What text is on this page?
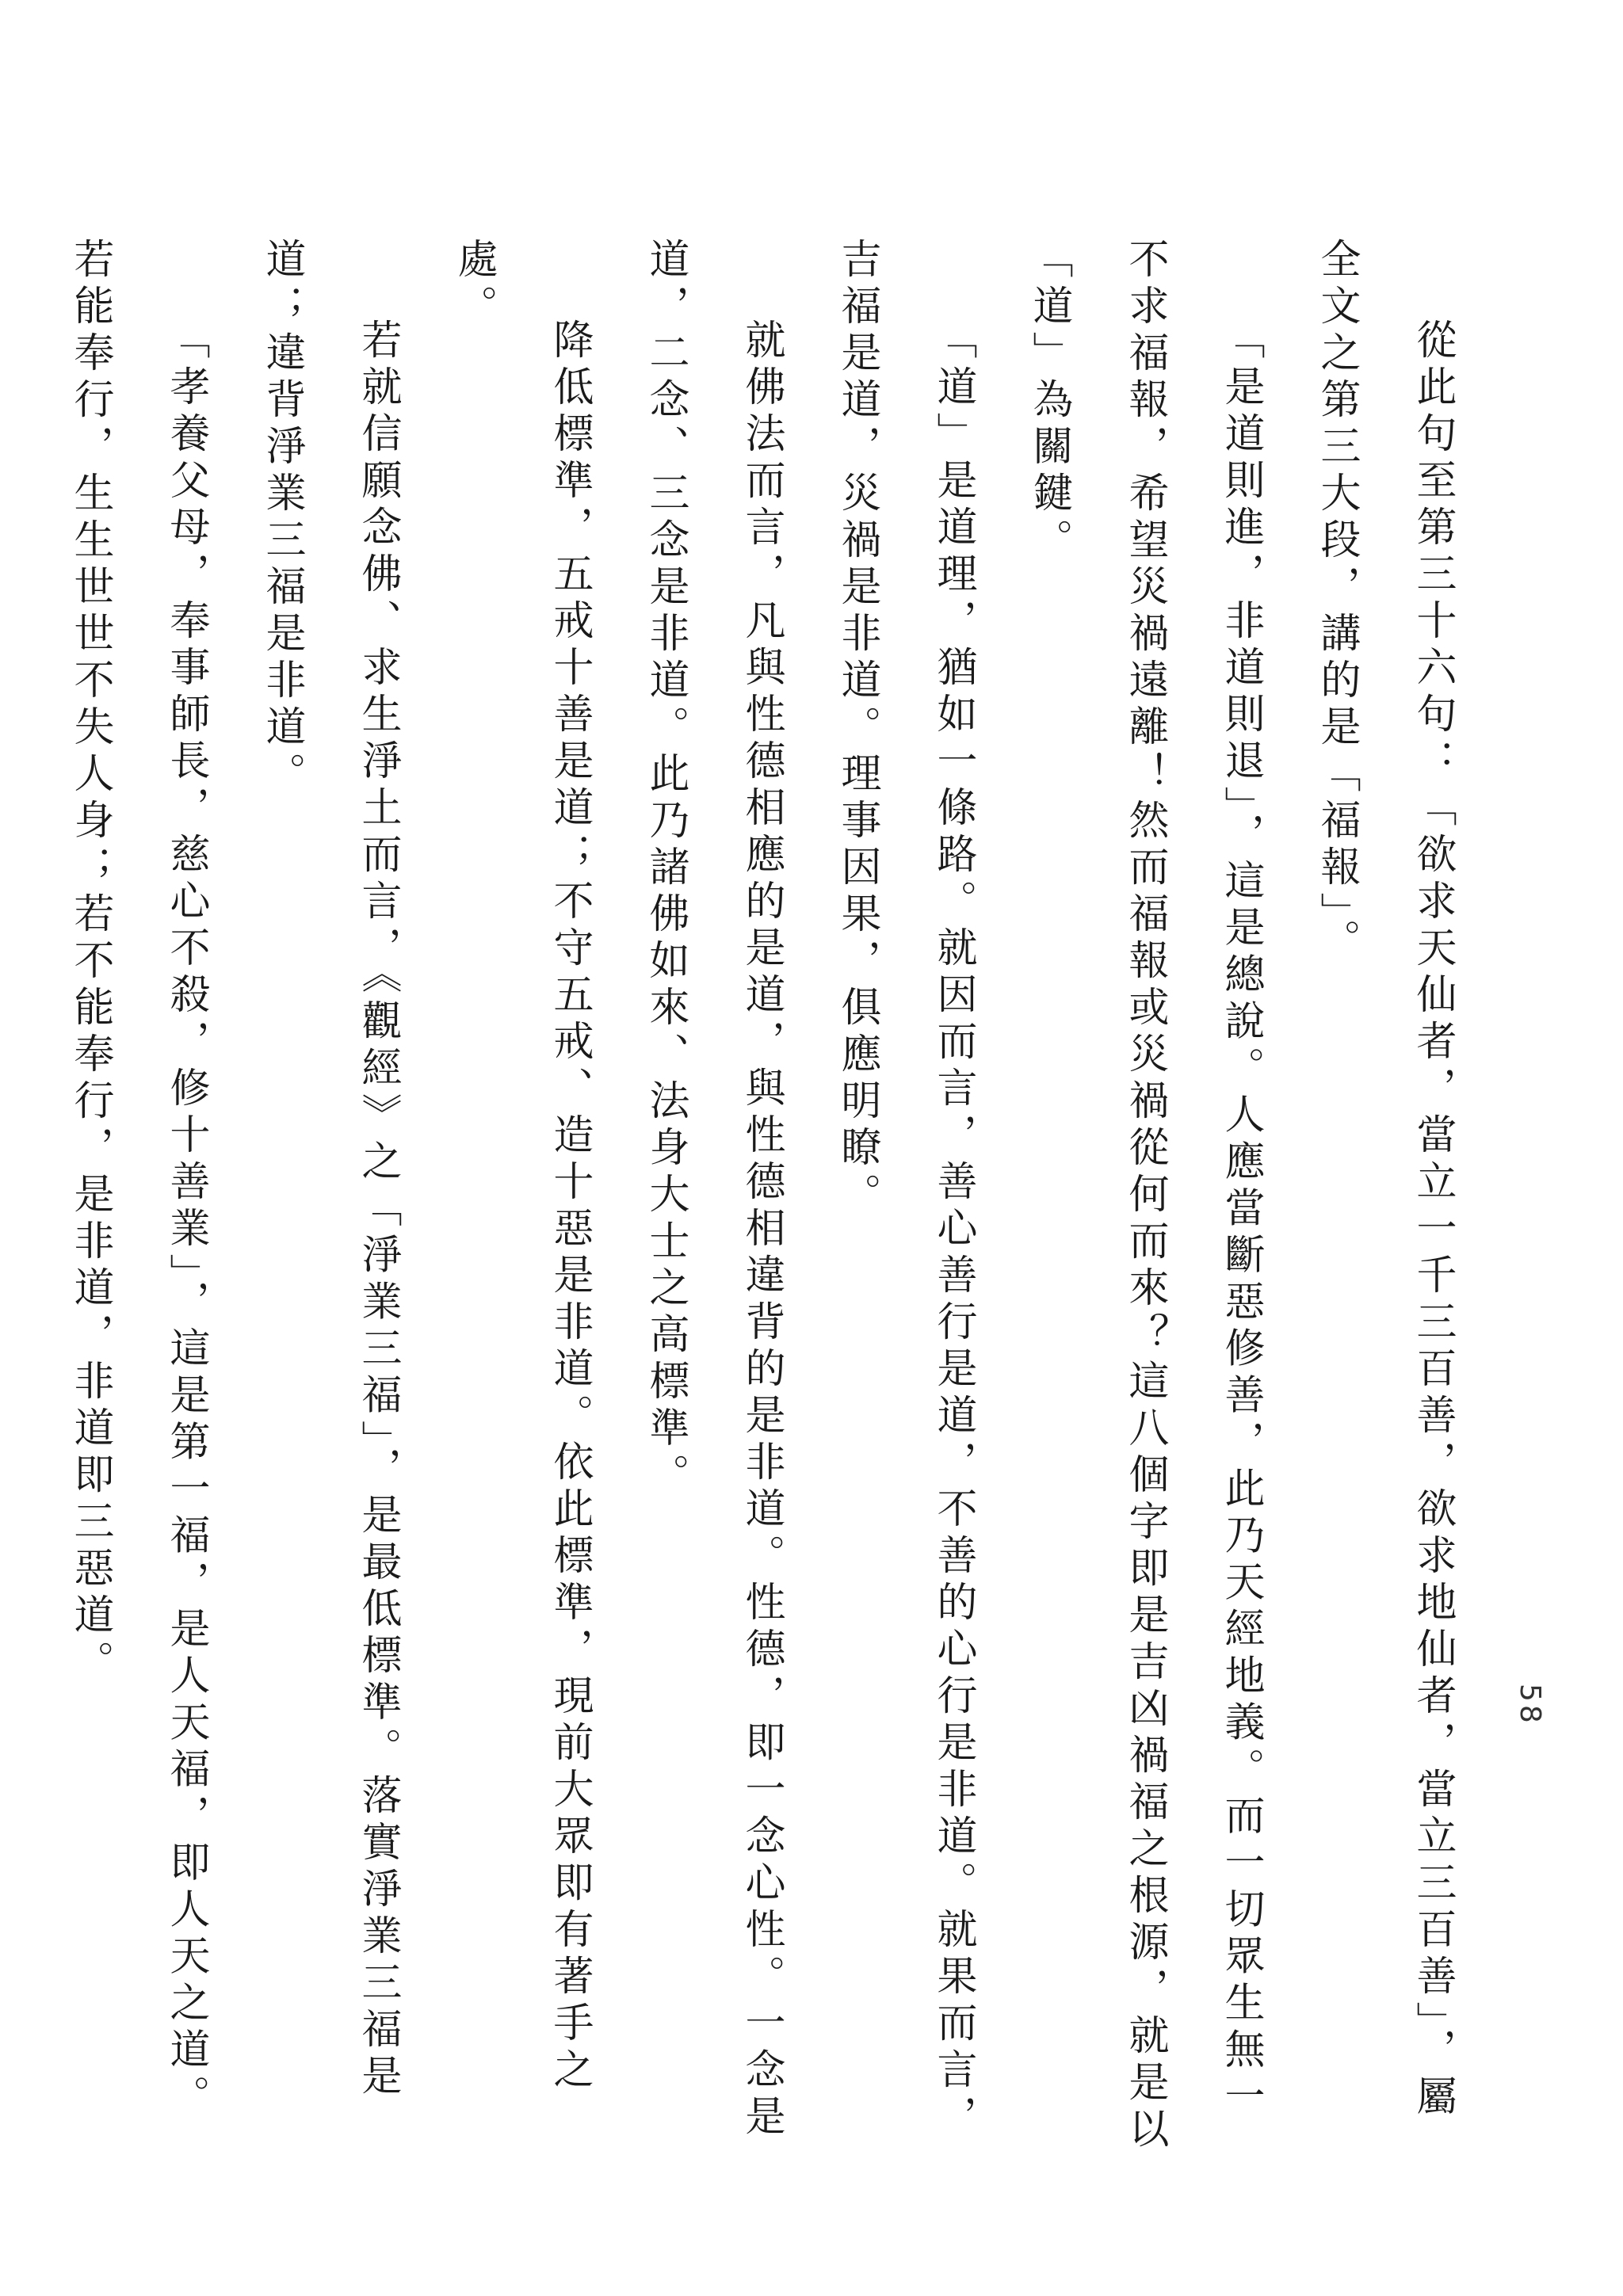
58

從此句至第三十六句：「欲求天仙者，當立一千三百善，欲求地仙者，當立三百善」，屬全文之第三大段，講的是「福報」。

「是道則進，非道則退」，這是總說。人應當斷惡修善，此乃天經地義。而一切眾生無一不求福報，希望災禍遠離！然而福報或災禍從何而來？這八個字即是吉凶禍福之根源，就是以「道」為關鍵。

「道」是道理，猶如一條路。就因而言，善心善行是道，不善的心行是非道。就果而言，吉福是道，災禍是非道。理事因果，俱應明瞭。

就佛法而言，凡與性德相應的是道，與性德相違背的是非道。性德，即一念心性。一念是道，二念、三念是非道。此乃諸佛如來、法身大士之高標準。

降低標準，五戒十善是道；不守五戒、造十惡是非道。依此標準，現前大眾即有著手之處。

若就信願念佛、求生淨土而言，《觀經》之「淨業三福」，是最低標準。落實淨業三福是道；違背淨業三福是非道。

「孝養父母，奉事師長，慈心不殺，修十善業」，這是第一福，是人天福，即人天之道。若能奉行，生生世世不失人身；若不能奉行，是非道，非道即三惡道。
